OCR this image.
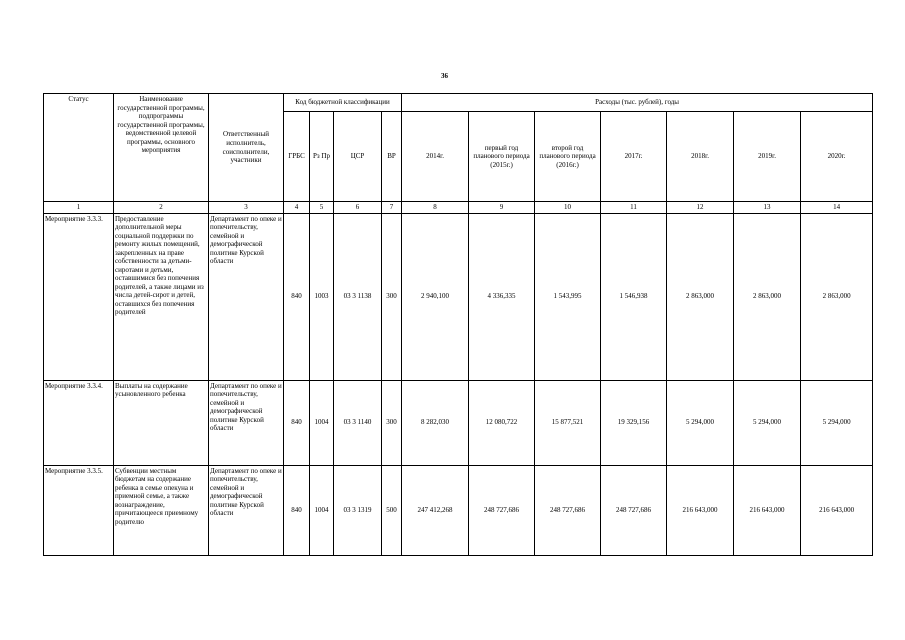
36
Статус	Наименование государственной программы, подпрограммы государственной программы, ведомственной целевой программы, основного мероприятия	Ответственный исполнитель, соисполнители, участники	Код бюджетной классификации				Расходы (тыс. рублей), годы						
			ГРБС	Рз Пр	ЦСР	ВР	2014г.	первый год планового периода (2015г.)	второй год планового периода (2016г.)	2017г.	2018г.	2019г.	2020г.
1	2	3	4	5	6	7	8	9	10	11	12	13	14
Мероприятие 3.3.3.	Предоставление дополнительной меры социальной поддержки по ремонту жилых помещений, закрепленных на праве собственности за детьми-сиротами и детьми, оставшимися без попечения родителей, а также лицами из числа детей-сирот и детей, оставшихся без попечения родителей	Департамент по опеке и попечительству, семейной и демографической политике Курской области	840	1003	03 3 1138	300	2 940,100	4 336,335	1 543,995	1 546,938	2 863,000	2 863,000	2 863,000
Мероприятие 3.3.4.	Выплаты на содержание усыновленного ребенка	Департамент по опеке и попечительству, семейной и демографической политике Курской области	840	1004	03 3 1140	300	8 282,030	12 080,722	15 877,521	19 329,156	5 294,000	5 294,000	5 294,000
Мероприятие 3.3.5.	Субвенции местным бюджетам на содержание ребенка в семье опекуна и приемной семье, а также вознаграждение, причитающееся приемному родителю	Департамент по опеке и попечительству, семейной и демографической политике Курской области	840	1004	03 3 1319	500	247 412,268	248 727,686	248 727,686	248 727,686	216 643,000	216 643,000	216 643,000
